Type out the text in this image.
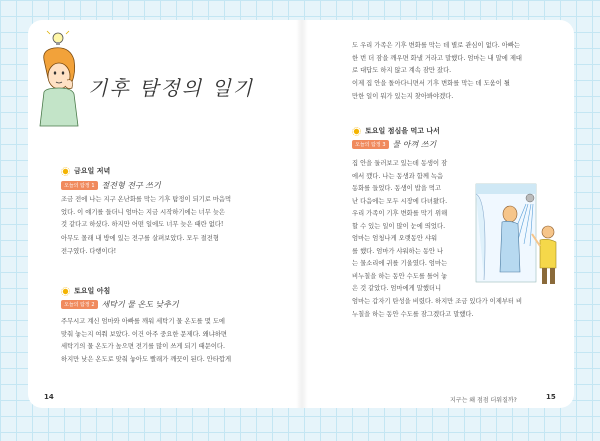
기후 탐정의 일기
금요일 저녁
오늘의 탐정 1 절전형 전구 쓰기
조금 전에 나는 지구 온난화를 막는 기후 탐정이 되기로 마음먹
었다. 이 얘기를 들더니 엄마는 지금 시작하기에는 너무 늦은
것 같다고 하셨다. 하지만 어떤 일에도 너무 늦은 때란 없다!
아무도 몰래 내 방에 있는 전구를 살펴보았다. 모두 절전형
전구였다. 다행이다!
토요일 아침
오늘의 탐정 2 세탁기 물 온도 낮추기
주무시고 계신 엄마와 아빠를 깨워 세탁기 물 온도를 몇 도에
맞춰 놓는지 여쭤 보았다. 이건 아주 중요한 문제다. 왜냐하면
세탁기의 물 온도가 높으면 전기를 많이 쓰게 되기 때문이다.
하지만 낮은 온도로 맞춰 놓아도 빨래가 깨끗이 된다. 안타깝게
14
도 우리 가족은 기후 변화를 막는 데 별로 관심이 없다. 아빠는
한 번 더 잠을 깨우면 화낼 거라고 말했다. 엄마는 내 말에 제대
로 대답도 하지 않고 계속 잠만 잤다.
이제 집 안을 돌아다니면서 기후 변화를 막는 데 도움이 될
만한 일이 뭐가 있는지 찾아봐야겠다.
토요일 점심을 먹고 나서
오늘의 탐정 3 물 아껴 쓰기
집 안을 둘러보고 있는데 동생이 잠
에서 깼다. 나는 동생과 함께 녹음
동화를 들었다. 동생이 밥을 먹고
난 다음에는 모두 시장에 다녀왔다.
우리 가족이 기후 변화를 막기 위해
할 수 있는 일이 많이 눈에 띄었다.
엄마는 엄청나게 오랫동안 샤워
를 했다. 엄마가 샤워하는 동안 나
는 물소리에 귀를 기울였다. 엄마는
비누칠을 하는 동안 수도를 틀어 놓
은 것 같았다. 엄마에게 말했더니
엄마는 갑자기 탄성을 비렸다. 하지만 조금 있다가 이제부터 비
누칠을 하는 동안 수도를 잠그겠다고 말했다.
지구는 왜 점점 더워질까?	15
